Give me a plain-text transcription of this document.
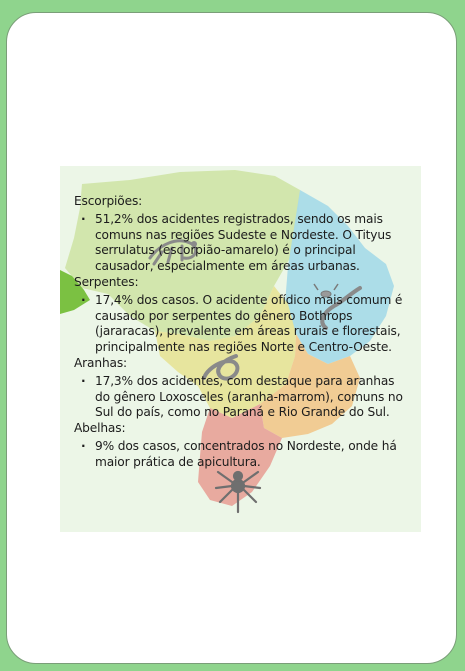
Escorpiões:

· 51,2% dos acidentes registrados, sendo os mais comuns nas regiões Sudeste e Nordeste. O Tityus serrulatus (escorpião-amarelo) é o principal causador, especialmente em áreas urbanas.

Serpentes:

· 17,4% dos casos. O acidente ofídico mais comum é causado por serpentes do gênero Bothrops (jararacas), prevalente em áreas rurais e florestais, principalmente nas regiões Norte e Centro-Oeste.

Aranhas:

· 17,3% dos acidentes, com destaque para aranhas do gênero Loxosceles (aranha-marrom), comuns no Sul do país, como no Paraná e Rio Grande do Sul.

Abelhas:

· 9% dos casos, concentrados no Nordeste, onde há maior prática de apicultura.
